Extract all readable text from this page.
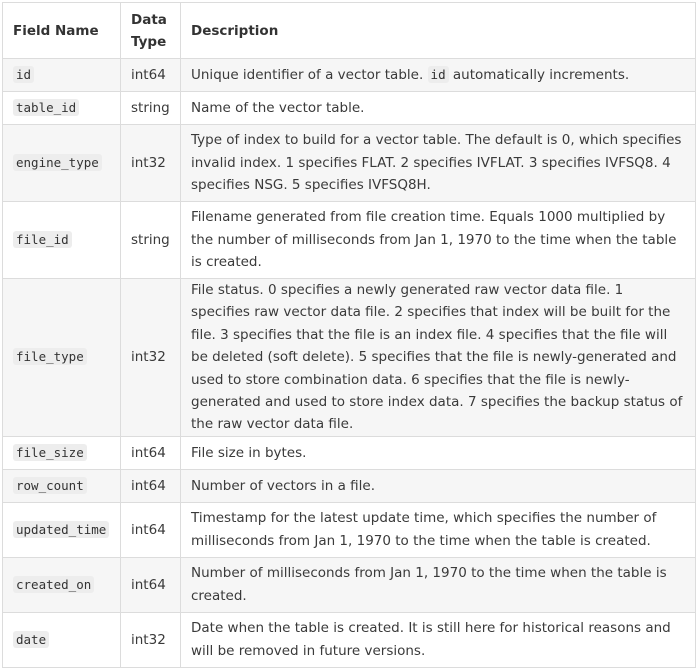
Field Name	Data Type	Description
id	int64	Unique identifier of a vector table. id automatically increments.
table_id	string	Name of the vector table.
engine_type	int32	Type of index to build for a vector table. The default is 0, which specifies invalid index. 1 specifies FLAT. 2 specifies IVFLAT. 3 specifies IVFSQ8. 4 specifies NSG. 5 specifies IVFSQ8H.
file_id	string	Filename generated from file creation time. Equals 1000 multiplied by the number of milliseconds from Jan 1, 1970 to the time when the table is created.
file_type	int32	File status. 0 specifies a newly generated raw vector data file. 1 specifies raw vector data file. 2 specifies that index will be built for the file. 3 specifies that the file is an index file. 4 specifies that the file will be deleted (soft delete). 5 specifies that the file is newly-generated and used to store combination data. 6 specifies that the file is newly-generated and used to store index data. 7 specifies the backup status of the raw vector data file.
file_size	int64	File size in bytes.
row_count	int64	Number of vectors in a file.
updated_time	int64	Timestamp for the latest update time, which specifies the number of milliseconds from Jan 1, 1970 to the time when the table is created.
created_on	int64	Number of milliseconds from Jan 1, 1970 to the time when the table is created.
date	int32	Date when the table is created. It is still here for historical reasons and will be removed in future versions.
